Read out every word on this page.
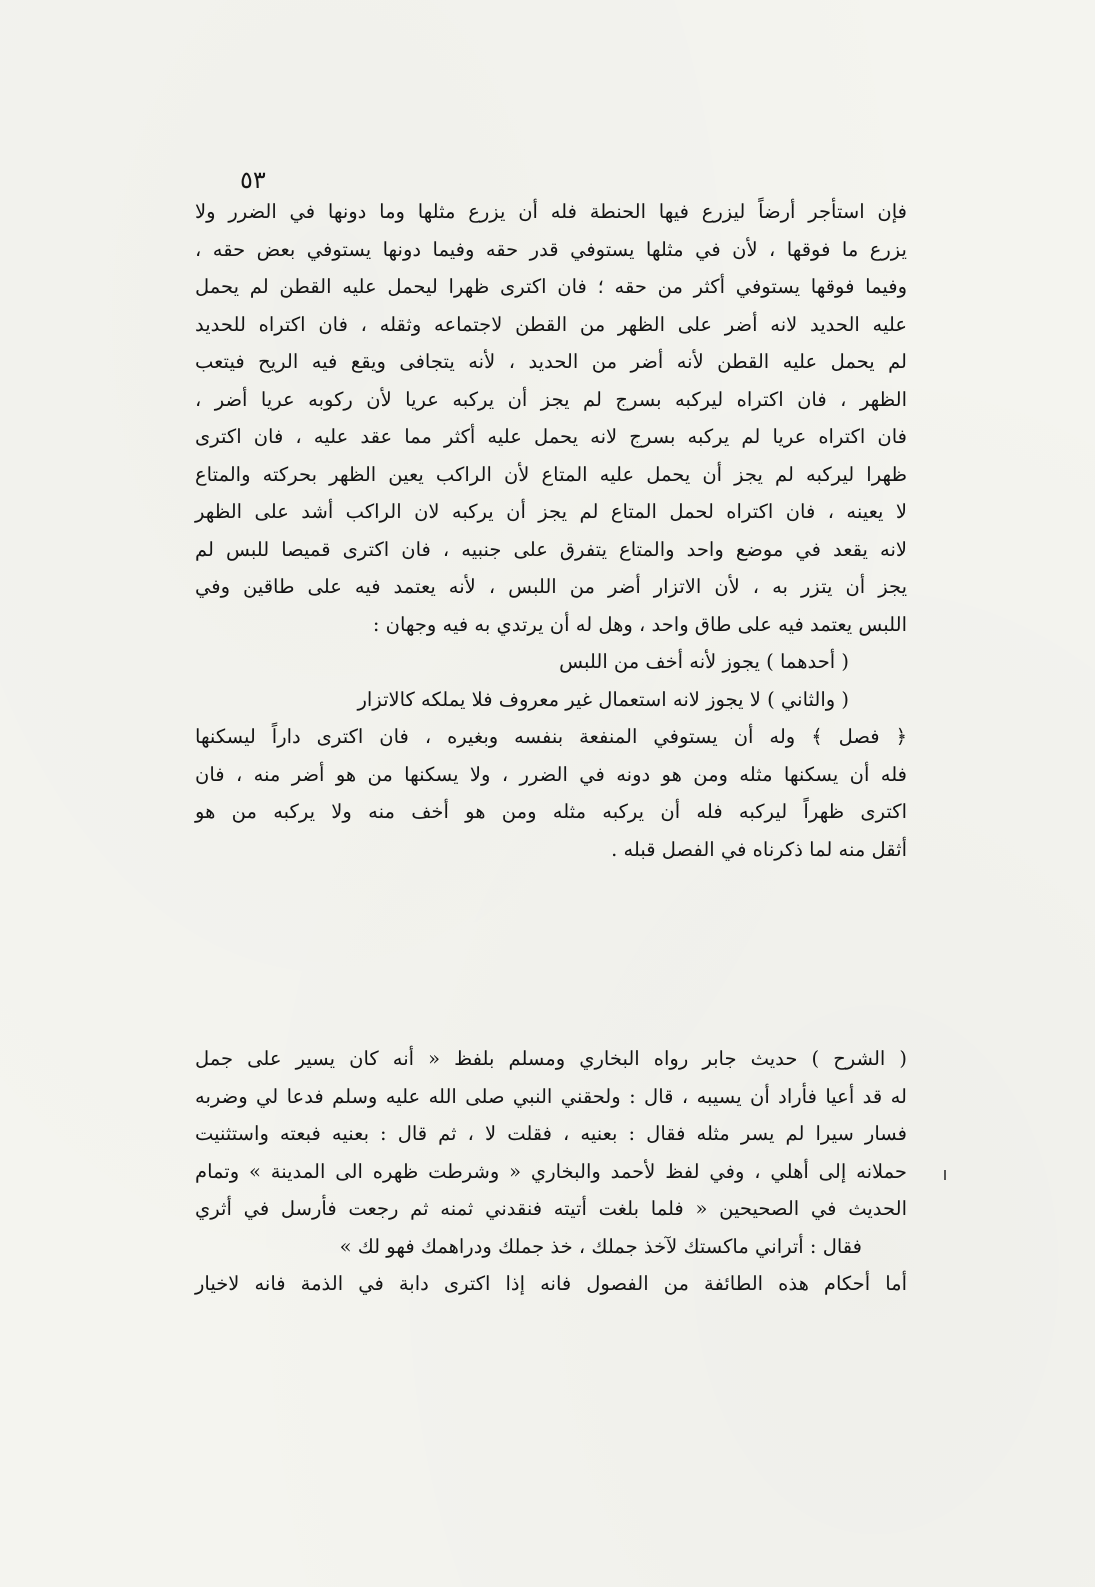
٥٣
فإن استأجر أرضاً ليزرع فيها الحنطة فله أن يزرع مثلها وما دونها في الضرر ولا
يزرع ما فوقها ، لأن في مثلها يستوفي قدر حقه وفيما دونها يستوفي بعض حقه ،
وفيما فوقها يستوفي أكثر من حقه ؛ فان اكترى ظهرا ليحمل عليه القطن لم يحمل
عليه الحديد لانه أضر على الظهر من القطن لاجتماعه وثقله ، فان اكتراه للحديد
لم يحمل عليه القطن لأنه أضر من الحديد ، لأنه يتجافى ويقع فيه الريح فيتعب
الظهر ، فان اكتراه ليركبه بسرج لم يجز أن يركبه عريا لأن ركوبه عريا أضر ،
فان اكتراه عريا لم يركبه بسرج لانه يحمل عليه أكثر مما عقد عليه ، فان اكترى
ظهرا ليركبه لم يجز أن يحمل عليه المتاع لأن الراكب يعين الظهر بحركته والمتاع
لا يعينه ، فان اكتراه لحمل المتاع لم يجز أن يركبه لان الراكب أشد على الظهر
لانه يقعد في موضع واحد والمتاع يتفرق على جنبيه ، فان اكترى قميصا للبس لم
يجز أن يتزر به ، لأن الاتزار أضر من اللبس ، لأنه يعتمد فيه على طاقين وفي
اللبس يعتمد فيه على طاق واحد ، وهل له أن يرتدي به فيه وجهان :
( أحدهما ) يجوز لأنه أخف من اللبس
( والثاني ) لا يجوز لانه استعمال غير معروف فلا يملكه كالاتزار
﴿ فصل ﴾ وله أن يستوفي المنفعة بنفسه وبغيره ، فان اكترى داراً ليسكنها
فله أن يسكنها مثله ومن هو دونه في الضرر ، ولا يسكنها من هو أضر منه ، فان
اكترى ظهراً ليركبه فله أن يركبه مثله ومن هو أخف منه ولا يركبه من هو
أثقل منه لما ذكرناه في الفصل قبله .
( الشرح ) حديث جابر رواه البخاري ومسلم بلفظ « أنه كان يسير على جمل
له قد أعيا فأراد أن يسيبه ، قال : ولحقني النبي صلى الله عليه وسلم فدعا لي وضربه
فسار سيرا لم يسر مثله فقال : بعنيه ، فقلت لا ، ثم قال : بعنيه فبعته واستثنيت
حملانه إلى أهلي ، وفي لفظ لأحمد والبخاري « وشرطت ظهره الى المدينة » وتمام
الحديث في الصحيحين « فلما بلغت أتيته فنقدني ثمنه ثم رجعت فأرسل في أثري
فقال : أتراني ماكستك لآخذ جملك ، خذ جملك ودراهمك فهو لك »
أما أحكام هذه الطائفة من الفصول فانه إذا اكترى دابة في الذمة فانه لاخيار
